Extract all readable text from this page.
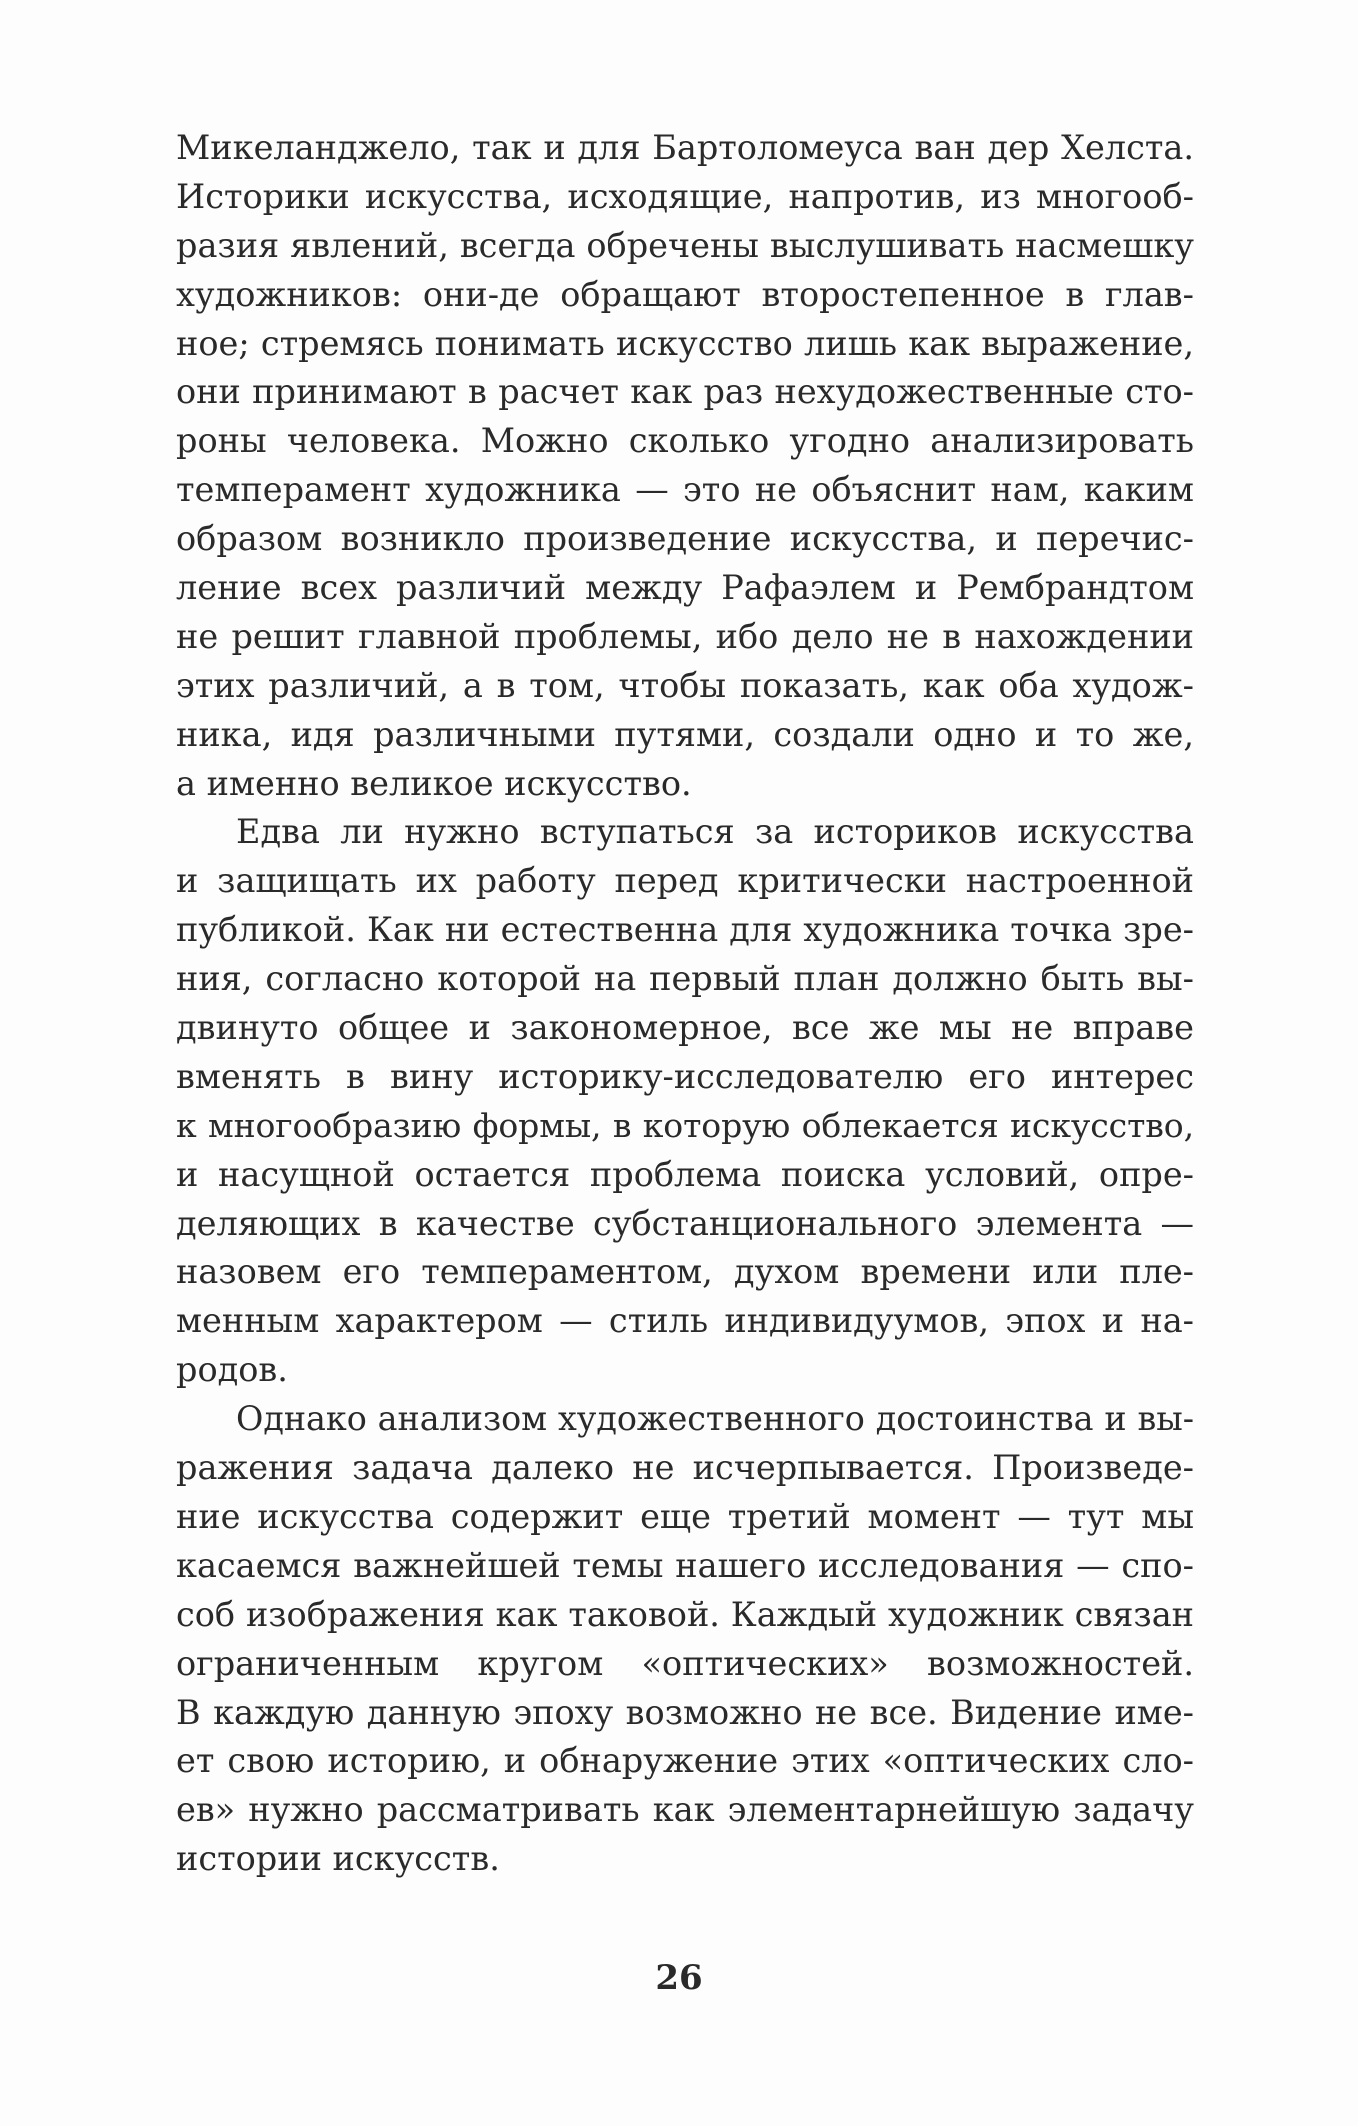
Микеланджело, так и для Бартоломеуса ван дер Хелста.
Историки искусства, исходящие, напротив, из многооб-
разия явлений, всегда обречены выслушивать насмешку
художников: они-де обращают второстепенное в глав-
ное; стремясь понимать искусство лишь как выражение,
они принимают в расчет как раз нехудожественные сто-
роны человека. Можно сколько угодно анализировать
темперамент художника — это не объяснит нам, каким
образом возникло произведение искусства, и перечис-
ление всех различий между Рафаэлем и Рембрандтом
не решит главной проблемы, ибо дело не в нахождении
этих различий, а в том, чтобы показать, как оба худож-
ника, идя различными путями, создали одно и то же,
а именно великое искусство.
Едва ли нужно вступаться за историков искусства
и защищать их работу перед критически настроенной
публикой. Как ни естественна для художника точка зре-
ния, согласно которой на первый план должно быть вы-
двинуто общее и закономерное, все же мы не вправе
вменять в вину историку-исследователю его интерес
к многообразию формы, в которую облекается искусство,
и насущной остается проблема поиска условий, опре-
деляющих в качестве субстанционального элемента —
назовем его темпераментом, духом времени или пле-
менным характером — стиль индивидуумов, эпох и на-
родов.
Однако анализом художественного достоинства и вы-
ражения задача далеко не исчерпывается. Произведе-
ние искусства содержит еще третий момент — тут мы
касаемся важнейшей темы нашего исследования — спо-
соб изображения как таковой. Каждый художник связан
ограниченным кругом «оптических» возможностей.
В каждую данную эпоху возможно не все. Видение име-
ет свою историю, и обнаружение этих «оптических сло-
ев» нужно рассматривать как элементарнейшую задачу
истории искусств.
26
